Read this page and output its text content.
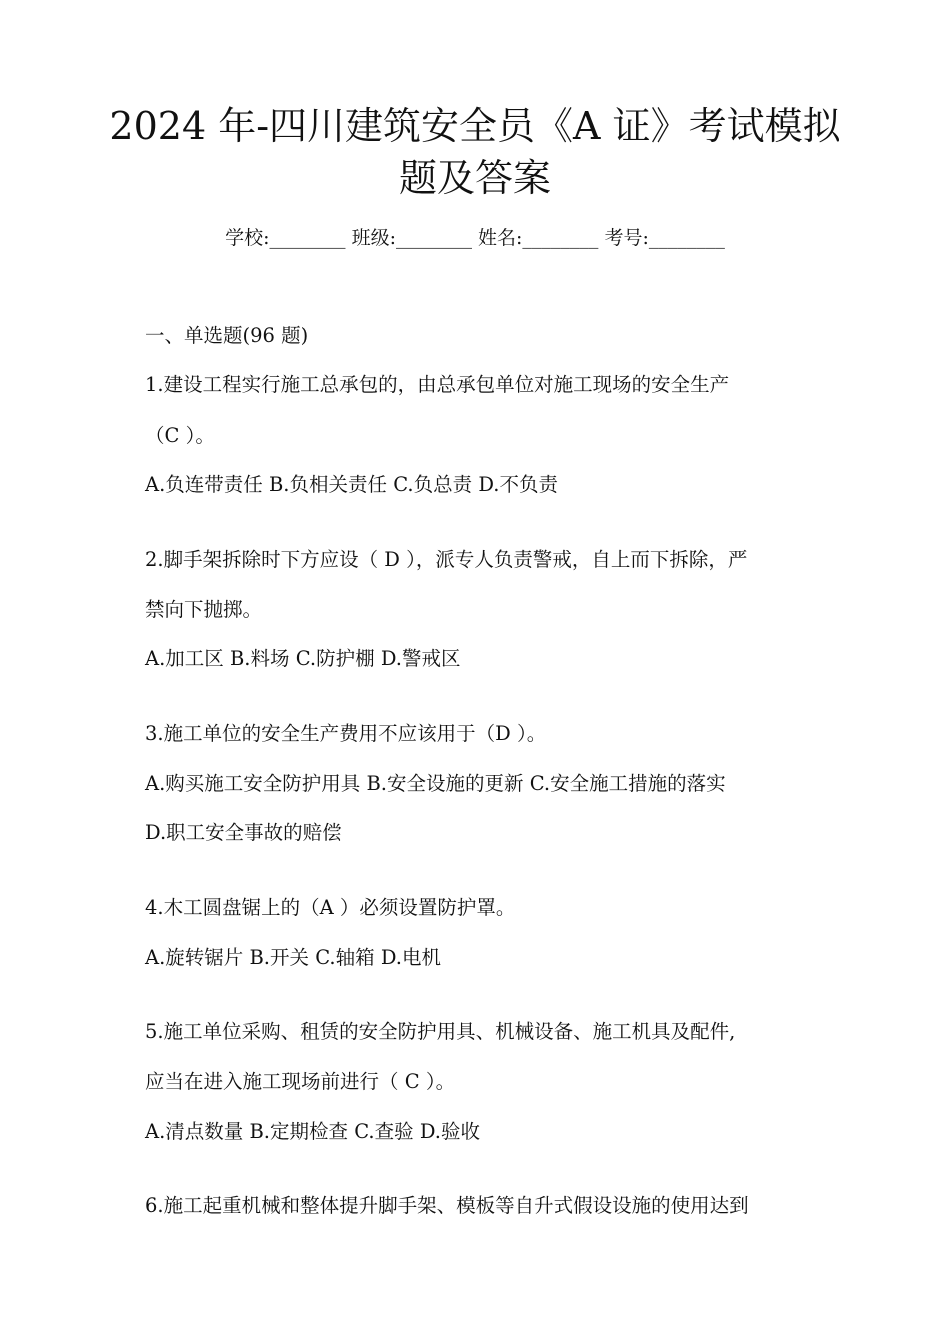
2024 年-四川建筑安全员《A 证》考试模拟
题及答案
学校:________ 班级:________ 姓名:________ 考号:________
一、单选题(96 题)
1.建设工程实行施工总承包的，由总承包单位对施工现场的安全生产
（C ）。
A.负连带责任 B.负相关责任 C.负总责 D.不负责
2.脚手架拆除时下方应设（ D ），派专人负责警戒，自上而下拆除，严
禁向下抛掷。
A.加工区 B.料场 C.防护棚 D.警戒区
3.施工单位的安全生产费用不应该用于（D ）。
A.购买施工安全防护用具 B.安全设施的更新 C.安全施工措施的落实
D.职工安全事故的赔偿
4.木工圆盘锯上的（A ）必须设置防护罩。
A.旋转锯片 B.开关 C.轴箱 D.电机
5.施工单位采购、租赁的安全防护用具、机械设备、施工机具及配件,
应当在进入施工现场前进行（ C ）。
A.清点数量 B.定期检查 C.查验 D.验收
6.施工起重机械和整体提升脚手架、模板等自升式假设设施的使用达到
